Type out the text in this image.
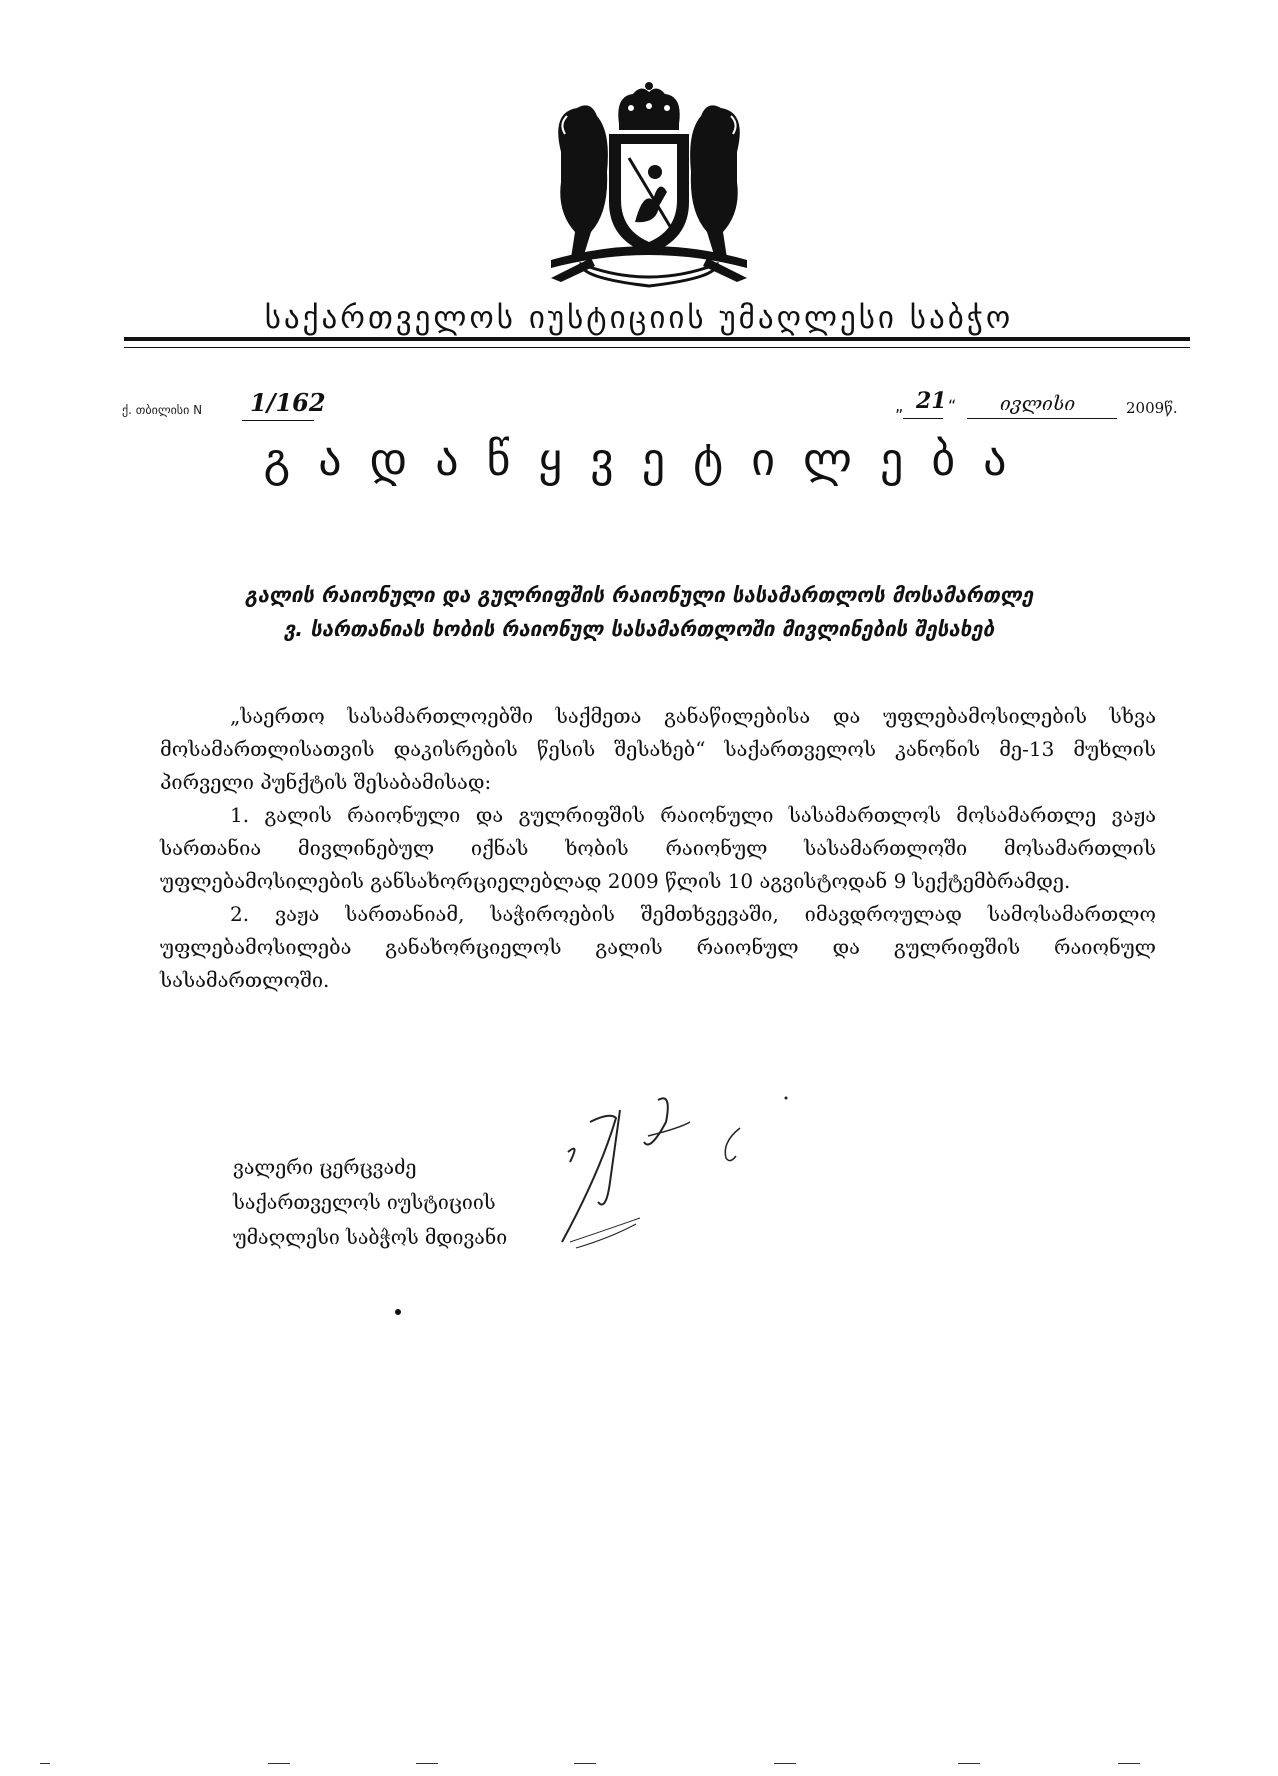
საქართველოს იუსტიციის უმაღლესი საბჭო
ქ. თბილისი N 1/162	„ 21 “ ივლისი	2009წ.
გადაწყვეტილება
გალის რაიონული და გულრიფშის რაიონული სასამართლოს მოსამართლე
ვ. სართანიას ხობის რაიონულ სასამართლოში მივლინების შესახებ

„საერთო სასამართლოებში საქმეთა განაწილებისა და უფლებამოსილების სხვა მოსამართლისათვის დაკისრების წესის შესახებ“ საქართველოს კანონის მე-13 მუხლის პირველი პუნქტის შესაბამისად:

1. გალის რაიონული და გულრიფშის რაიონული სასამართლოს მოსამართლე ვაჟა სართანია მივლინებულ იქნას ხობის რაიონულ სასამართლოში მოსამართლის უფლებამოსილების განსახორციელებლად 2009 წლის 10 აგვისტოდან 9 სექტემბრამდე.

2. ვაჟა სართანიამ, საჭიროების შემთხვევაში, იმავდროულად სამოსამართლო უფლებამოსილება განახორციელოს გალის რაიონულ და გულრიფშის რაიონულ სასამართლოში.

ვალერი ცერცვაძე
საქართველოს იუსტიციის
უმაღლესი საბჭოს მდივანი
